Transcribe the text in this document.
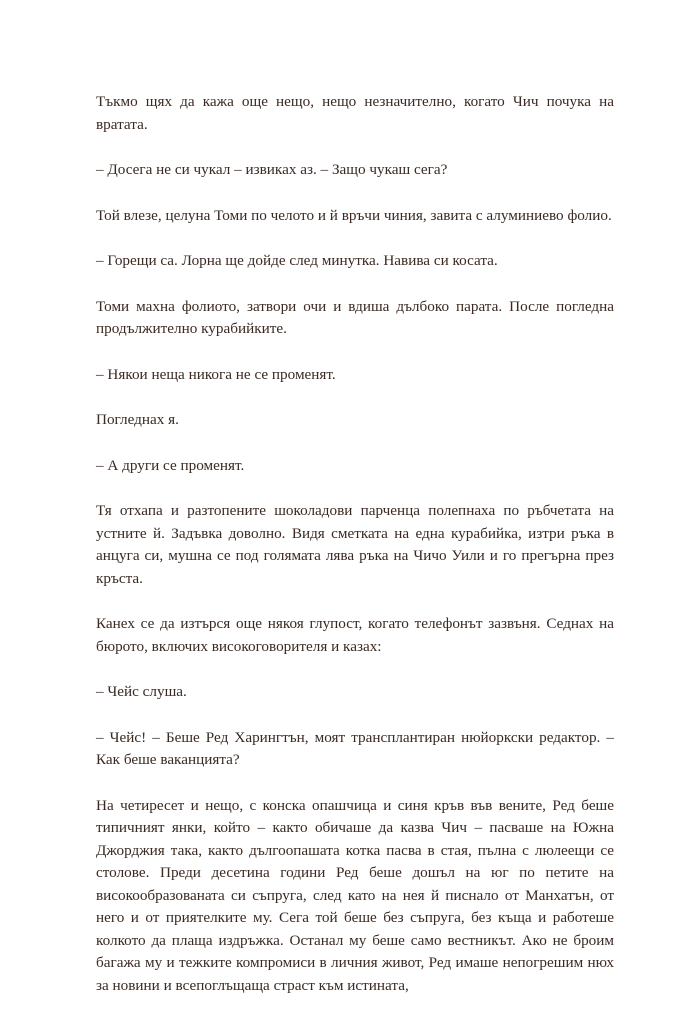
Тъкмо щях да кажа още нещо, нещо незначително, когато Чич почука на вратата.

– Досега не си чукал – извиках аз. – Защо чукаш сега?

Той влезе, целуна Томи по челото и й връчи чиния, завита с алуминиево фолио.

– Горещи са. Лорна ще дойде след минутка. Навива си косата.

Томи махна фолиото, затвори очи и вдиша дълбоко парата. После погледна продължително курабийките.

– Някои неща никога не се променят.

Погледнах я.

– А други се променят.

Тя отхапа и разтопените шоколадови парченца полепнаха по ръбчетата на устните й. Задъвка доволно. Видя сметката на една курабийка, изтри ръка в анцуга си, мушна се под голямата лява ръка на Чичо Уили и го прегърна през кръста.

Канех се да изтърся още някоя глупост, когато телефонът зазвъня. Седнах на бюрото, включих високоговорителя и казах:

– Чейс слуша.

– Чейс! – Беше Ред Харингтън, моят трансплантиран нюйоркски редактор. – Как беше ваканцията?

На четиресет и нещо, с конска опашчица и синя кръв във вените, Ред беше типичният янки, който – както обичаше да казва Чич – пасваше на Южна Джорджия така, както дългоопашата котка пасва в стая, пълна с люлеещи се столове. Преди десетина години Ред беше дошъл на юг по петите на високообразованата си съпруга, след като на нея й писнало от Манхатън, от него и от приятелките му. Сега той беше без съпруга, без къща и работеше колкото да плаща издръжка. Останал му беше само вестникът. Ако не броим багажа му и тежките компромиси в личния живот, Ред имаше непогрешим нюх за новини и всепоглъщаща страст към истината,
